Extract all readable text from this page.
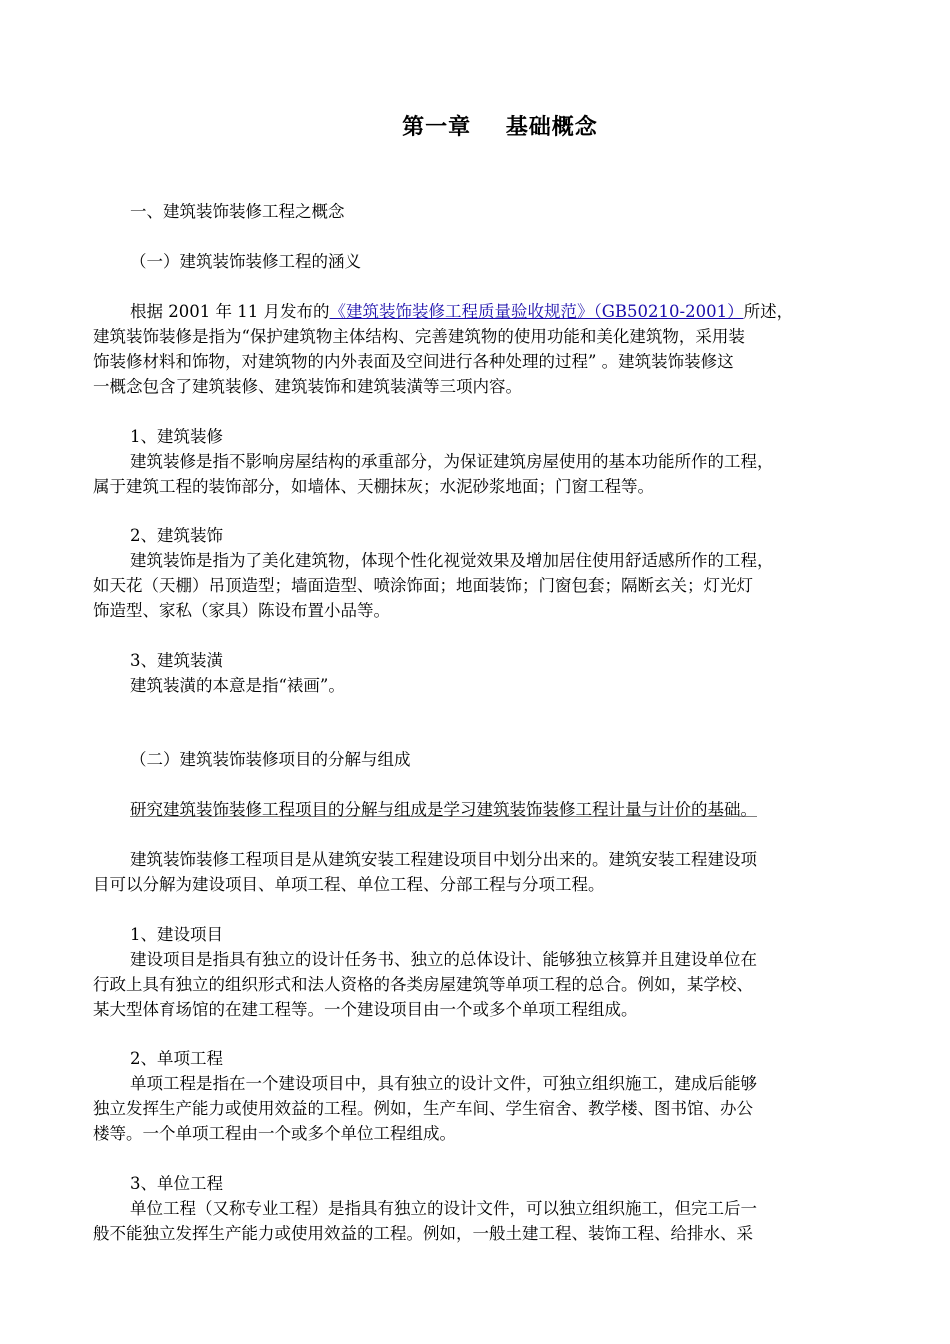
第一章    基础概念
一、建筑装饰装修工程之概念
（一）建筑装饰装修工程的涵义
根据 2001 年 11 月发布的《建筑装饰装修工程质量验收规范》（GB50210-2001）所述，
建筑装饰装修是指为“保护建筑物主体结构、完善建筑物的使用功能和美化建筑物，采用装
饰装修材料和饰物，对建筑物的内外表面及空间进行各种处理的过程” 。建筑装饰装修这
一概念包含了建筑装修、建筑装饰和建筑装潢等三项内容。
1、建筑装修
建筑装修是指不影响房屋结构的承重部分，为保证建筑房屋使用的基本功能所作的工程，
属于建筑工程的装饰部分，如墙体、天棚抹灰；水泥砂浆地面；门窗工程等。
2、建筑装饰
建筑装饰是指为了美化建筑物，体现个性化视觉效果及增加居住使用舒适感所作的工程，
如天花（天棚）吊顶造型；墙面造型、喷涂饰面；地面装饰；门窗包套；隔断玄关；灯光灯
饰造型、家私（家具）陈设布置小品等。
3、建筑装潢
建筑装潢的本意是指“裱画”。
（二）建筑装饰装修项目的分解与组成
研究建筑装饰装修工程项目的分解与组成是学习建筑装饰装修工程计量与计价的基础。
建筑装饰装修工程项目是从建筑安装工程建设项目中划分出来的。建筑安装工程建设项
目可以分解为建设项目、单项工程、单位工程、分部工程与分项工程。
1、建设项目
建设项目是指具有独立的设计任务书、独立的总体设计、能够独立核算并且建设单位在
行政上具有独立的组织形式和法人资格的各类房屋建筑等单项工程的总合。例如，某学校、
某大型体育场馆的在建工程等。一个建设项目由一个或多个单项工程组成。
2、单项工程
单项工程是指在一个建设项目中，具有独立的设计文件，可独立组织施工，建成后能够
独立发挥生产能力或使用效益的工程。例如，生产车间、学生宿舍、教学楼、图书馆、办公
楼等。一个单项工程由一个或多个单位工程组成。
3、单位工程
单位工程（又称专业工程）是指具有独立的设计文件，可以独立组织施工，但完工后一
般不能独立发挥生产能力或使用效益的工程。例如，一般土建工程、装饰工程、给排水、采
